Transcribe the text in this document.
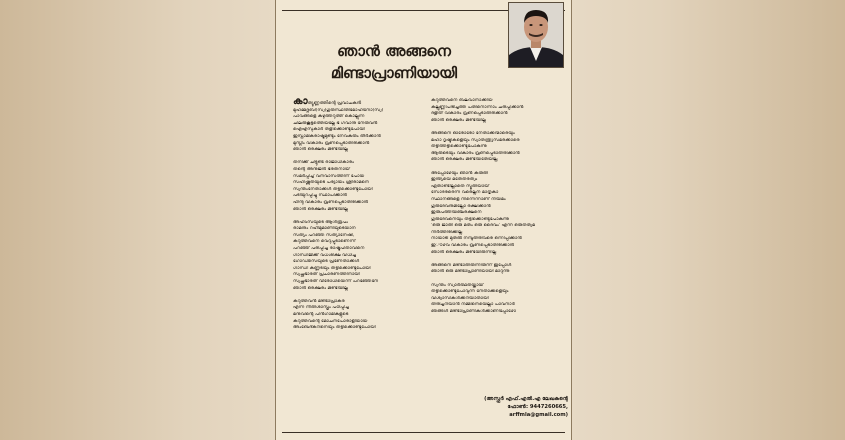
ഞാൻ അങ്ങനെ
മിണ്ടാപ്രാണിയായി
കാത്യൂണ്ണത്തിന്റെ പ്രവാചകൻ
മുഹമ്മദ്നബി(സ്വ)ഗുരുസ്ഥിതിമോഹിനോ(സ്വ)
പാവങ്ങളെ കഴുത്തറുത്ത് കൊല്ലുന്ന
ചിലരുകൂട്ടത്തെയല്ലേ ഭ ഗവാനു നേരുവൻ
ഐഎസുകാർ തളിക്കൊണ്ടുപോയി
ഇസ്ലാമികരാഷ്ട്രമുണ്ടും നേവകരും തീർക്കാൻ
മുസ്ലീം വികാരം വ്രണപ്പെടാതിരിക്കാൻ
ഞാൻ ഒരക്ഷരം മിണ്ടിയില്ല
തനിക്ക് ചിട്ടുണ്ട രാജാധികാരം
തന്റെ അനുജൻ ഭരതനായ്
സമർപ്പിച്ച് വനവാസത്തിന് പോയ
സഹിഷ്ണുതയുടെ പര്യായം ശ്രീരാമനെ
സ്വന്തംനേതാക്കൾ തട്ടിക്കൊണ്ടുപോയി
പടിയുറപ്പിച്ചു സ്ഥാപിക്കാൻ
ഹിന്ദു വികാരം വ്രണപ്പെടാതിരിക്കാൻ
ഞാൻ ഒരക്ഷരം മിണ്ടിയില്ല
അഹിംസയുടെ ആൾരൂപം
രാമനും റഹീമുമാണിയുടെയാന
സത്യം പറഞ്ഞ സത്യാനേഷി,
കറുത്തവനെ വെറുപ്പുടാണെന്ന്
പറഞ്ഞ് പരിപ്പിച്ച രാഷ്ട്രപിതാവിനെ
ഗാന്ധിജിക്ക് വധശിക്ഷ വിധിച്ച
ഗോഡ്സെയുടെ പ്രണേതാക്കൾ
ഗാന്ധി കണ്ണടയും തട്ടിക്കൊണ്ടുപോയി
സ്വച്ഛഭാരത് പ്രചാരണത്തിനായി
സ്വച്ഛഭാരത് വീരോധിയെന്ന് പറഞ്ഞേനേ
ഞാൻ ഒരക്ഷരം മിണ്ടിയില്ല
കറുത്തവൻ മിണ്ടാപ്രാകര
എന്ന നീതിശാസ്ത്രം പഠിപ്പിച്ച
മനുവിന്റെ പിൻഗാമികളുടെ
കറുത്തവന്റെ മോചനപോരാളിയായ
അംബേദ്കറിനെയും തട്ടിക്കൊണ്ടുപോയി
കറുത്തവനെ ബലവാനാക്കിയ
കല്ലുണ്ണിപിടിച്ചത്ത പതിനൊന്നാം ചരിപ്പിക്കാൻ
ദളിത് വികാരം വ്രണപ്പെടാതിരിക്കാൻ
ഞാൻ ഒരക്ഷരം മിണ്ടിയില്ല
അങ്ങനെ ഓരോരോ നേതാക്കന്മാരെയും
മഹാ ദൃഷ്ടികളെയും സ്വാതന്ത്ര്യസമരക്കാരെ
തട്ടിത്തട്ടിക്കൊണ്ടുപോകുന്നു
ആരുടെയും വികാരം വ്രണപ്പെടാതിരിക്കാൻ
ഞാൻ ഒരക്ഷരം മിണ്ടിയതേയില്ല
അപ്പോഴേയും ഞാൻ കരുതി
ഇന്ത്യയെ മതേതരത്വം
ഏതാണ്ടില്ലാതെ സ്മൃതിയായ്
സോദരരെന്ന വരെല്ലന മാതൃകാ
സ്ഥാനങ്ങളെ നിന്നെന്നാണ് നിയമം
ഗുരുദേവനുമില്ലോ രക്ഷിക്കാൻ
ഇരുപത്തിയഞ്ചരക്ഷനെ
ഗുരുദേവനെയും തട്ടിക്കൊണ്ടുപോകുന്നു
'ഒരു ജാതി ഒരു മതം ഒരു ദൈവം' എന്ന ഒരുതത്വമ
നിർത്തിരിക്കില്ല
നായാടി മുതൽ നമ്പൂതിരിവരെ ഒന്നിപ്പിക്കാൻ
ഇൗഴവ വികാരം വ്രണപ്പെടാതിരിക്കാൻ
ഞാൻ ഒരക്ഷരം മിണ്ടയിരുന്നില്ല
അങ്ങനെ മിണ്ടാതിരുന്നിരുന്ന് ഇപ്പോൾ
ഞാൻ ഒരു മിണ്ടാപ്രാണിയായി മാറുന്നു
സ്വന്തം സ്വാർത്ഥതയ്ക്കായ്
തട്ടിക്കൊണ്ടുപോവുന്ന നേതാക്കളെയും
വിശ്വാസികൾക്കറിയാതായി
തിരിച്ചറിയാൻ നമ്മിനെയെല്ലാ പാവനാർ
ഞങ്ങൾ മിണ്ടാപ്രാണികൾക്കാണിപ്പോഴോ
(അസ്ഫർ എഫ്.എൽ.എ ലേഖകന്റെ
ഫോൺ: 9447260665,
arffmla@gmail.com)
